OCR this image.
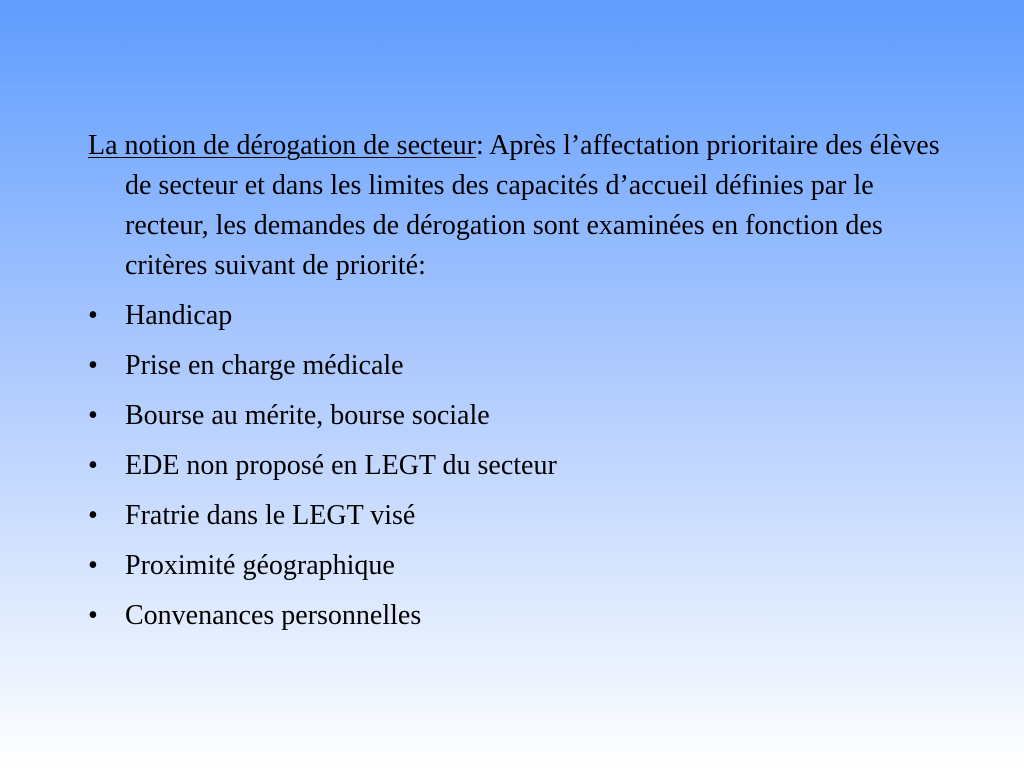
La notion de dérogation de secteur: Après l’affectation prioritaire des élèves de secteur et dans les limites des capacités d’accueil définies par le recteur, les demandes de dérogation sont examinées en fonction des critères suivant de priorité:

• Handicap
• Prise en charge médicale
• Bourse au mérite, bourse sociale
• EDE non proposé en LEGT du secteur
• Fratrie dans le LEGT visé
• Proximité géographique
• Convenances personnelles
